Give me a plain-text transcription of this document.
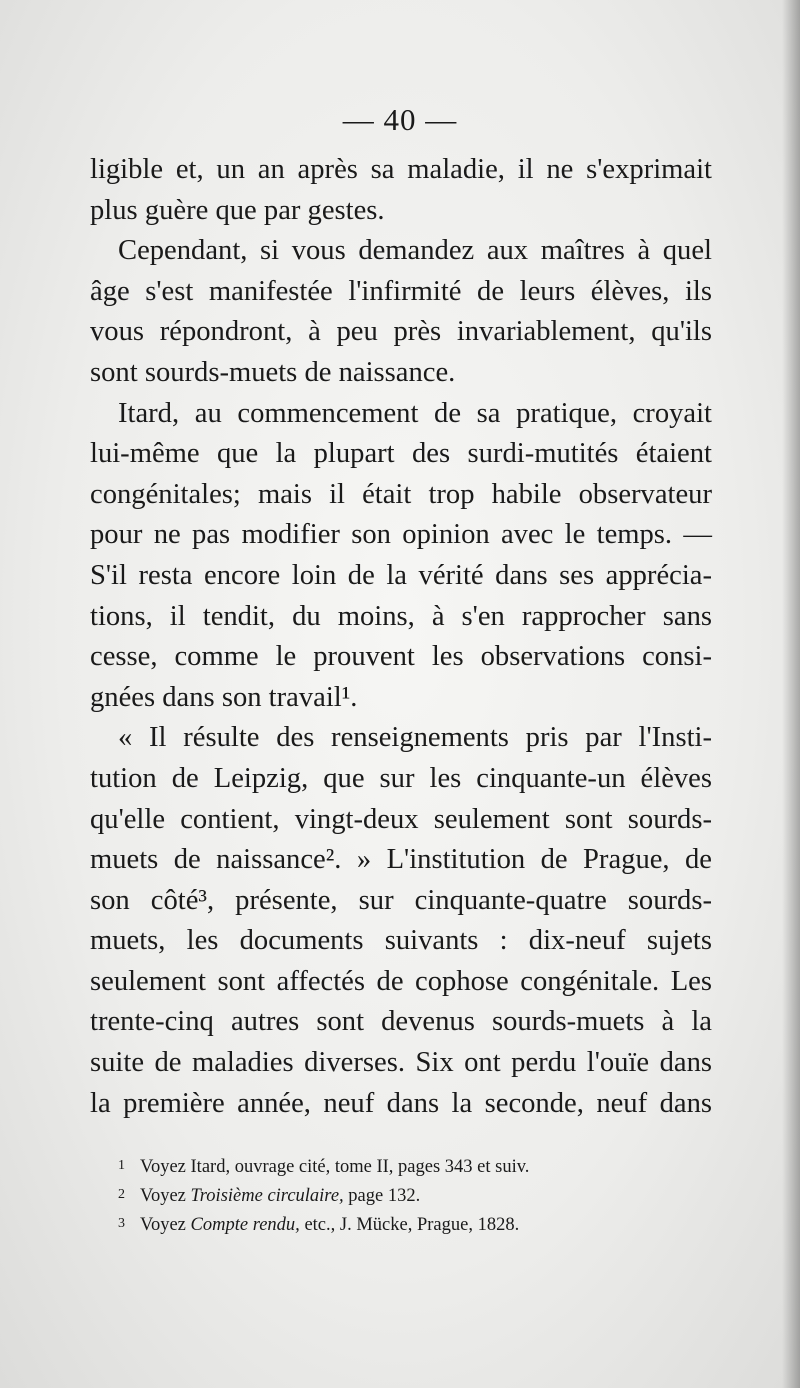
— 40 —
ligible et, un an après sa maladie, il ne s'exprimait
plus guère que par gestes.
Cependant, si vous demandez aux maîtres à quel
âge s'est manifestée l'infirmité de leurs élèves, ils
vous répondront, à peu près invariablement, qu'ils
sont sourds-muets de naissance.
Itard, au commencement de sa pratique, croyait
lui-même que la plupart des surdi-mutités étaient
congénitales; mais il était trop habile observateur
pour ne pas modifier son opinion avec le temps. —
S'il resta encore loin de la vérité dans ses apprécia-
tions, il tendit, du moins, à s'en rapprocher sans
cesse, comme le prouvent les observations consi-
gnées dans son travail¹.
« Il résulte des renseignements pris par l'Insti-
tution de Leipzig, que sur les cinquante-un élèves
qu'elle contient, vingt-deux seulement sont sourds-
muets de naissance². » L'institution de Prague, de
son côté³, présente, sur cinquante-quatre sourds-
muets, les documents suivants : dix-neuf sujets
seulement sont affectés de cophose congénitale. Les
trente-cinq autres sont devenus sourds-muets à la
suite de maladies diverses. Six ont perdu l'ouïe dans
la première année, neuf dans la seconde, neuf dans
1 Voyez Itard, ouvrage cité, tome II, pages 343 et suiv.
2 Voyez Troisième circulaire, page 132.
3 Voyez Compte rendu, etc., J. Mücke, Prague, 1828.
